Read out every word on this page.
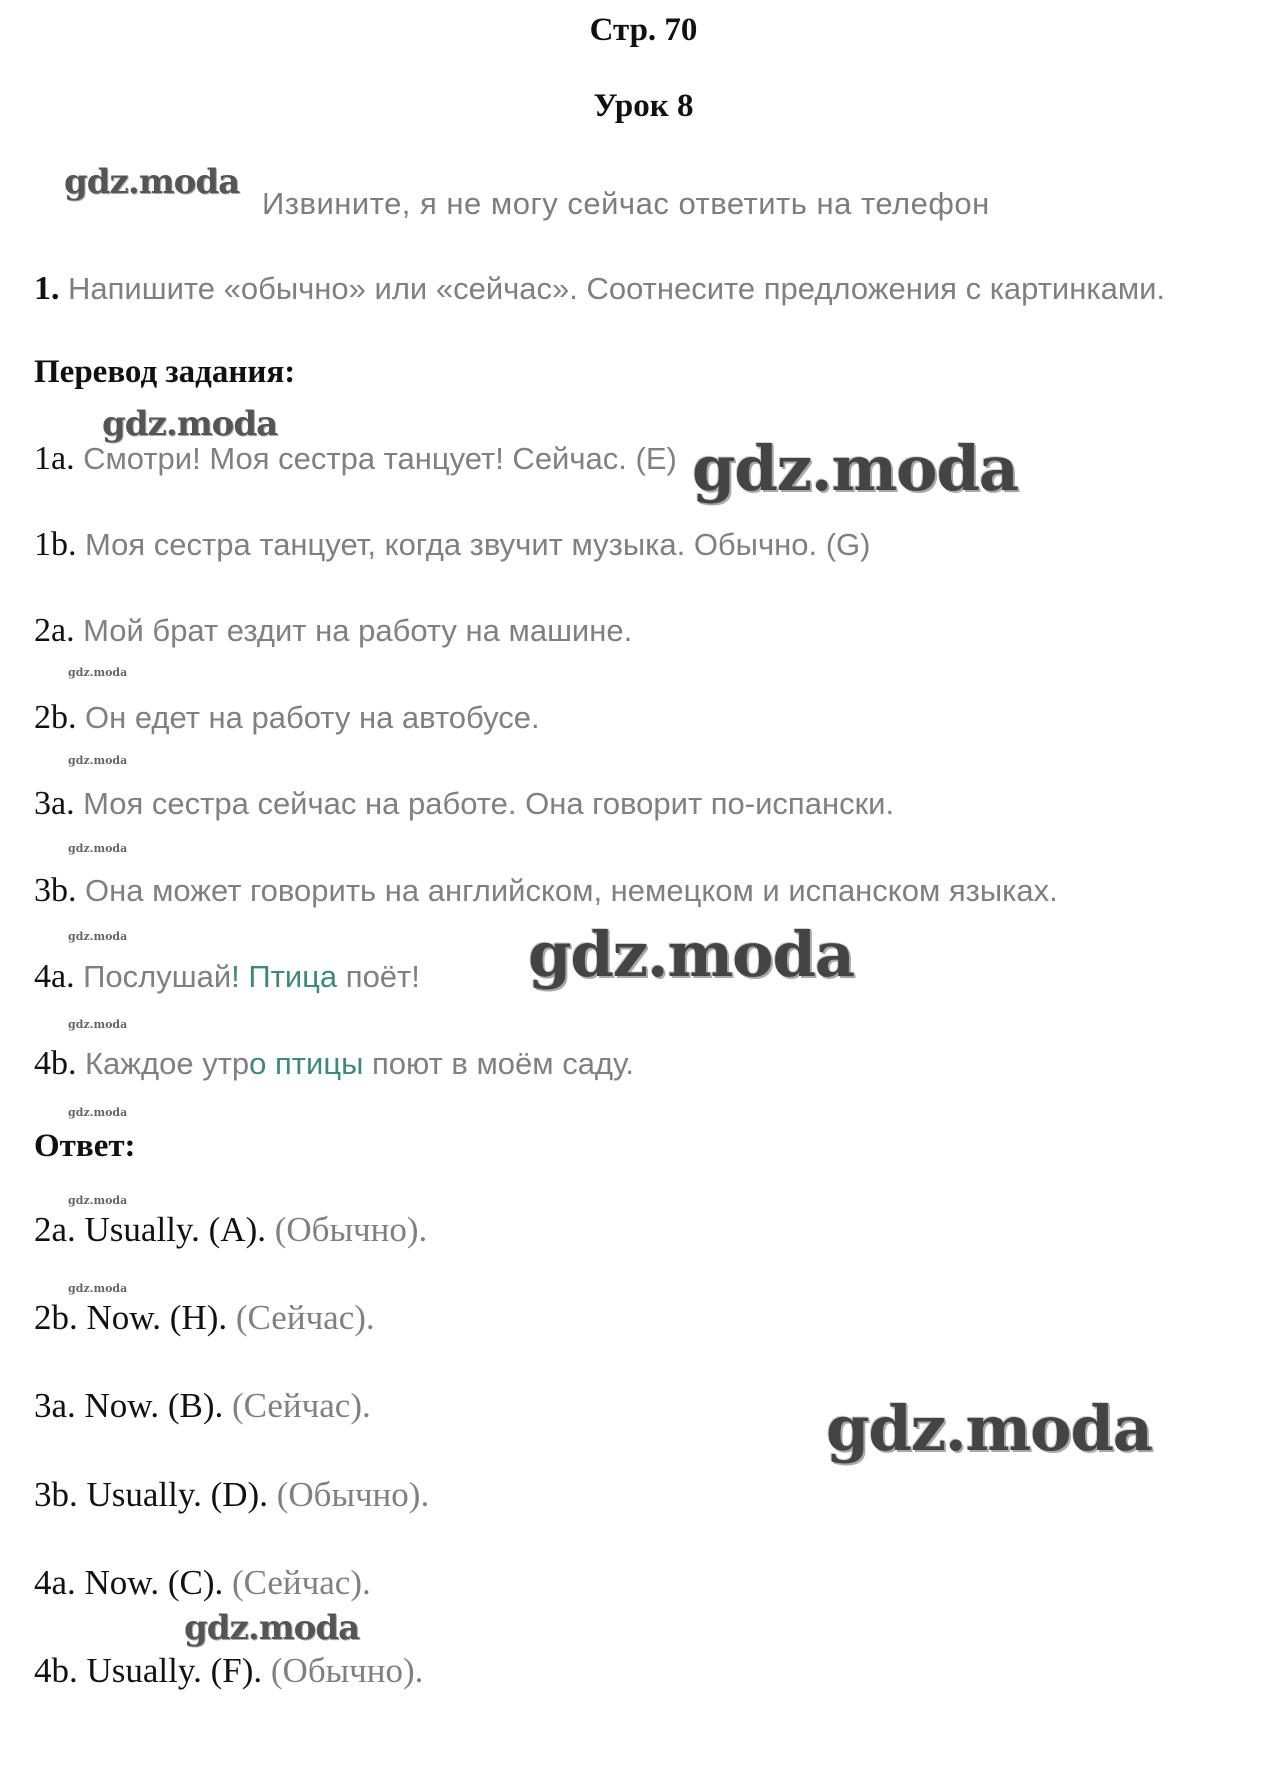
Стр. 70
Урок 8
Извините, я не могу сейчас ответить на телефон
1. Напишите «обычно» или «сейчас». Соотнесите предложения с картинками.
Перевод задания:
1a. Смотри! Моя сестра танцует! Сейчас. (E)
1b. Моя сестра танцует, когда звучит музыка. Обычно. (G)
2a. Мой брат ездит на работу на машине.
2b. Он едет на работу на автобусе.
3a. Моя сестра сейчас на работе. Она говорит по-испански.
3b. Она может говорить на английском, немецком и испанском языках.
4a. Послушай! Птица поёт!
4b. Каждое утро птицы поют в моём саду.
Ответ:
2a. Usually. (A). (Обычно).
2b. Now. (H). (Сейчас).
3a. Now. (B). (Сейчас).
3b. Usually. (D). (Обычно).
4a. Now. (C). (Сейчас).
4b. Usually. (F). (Обычно).
gdz.moda
gdz.moda
gdz.moda
gdz.moda
gdz.moda
gdz.moda
gdz.moda
gdz.moda
gdz.moda
gdz.moda
gdz.moda
gdz.moda
gdz.moda
gdz.moda
